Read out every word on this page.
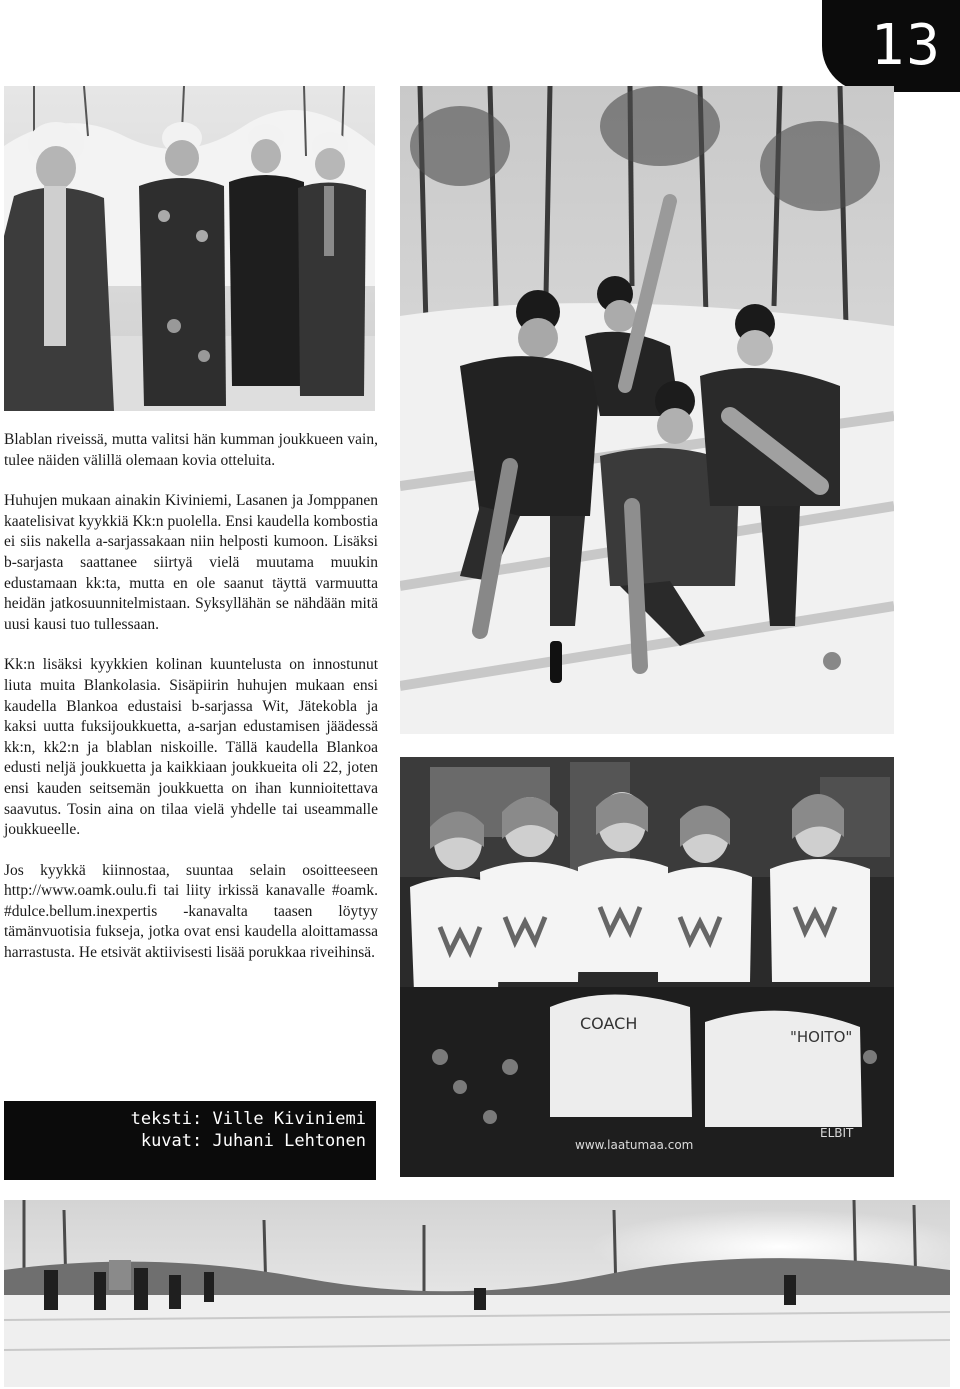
13
COACH
"HOITO"
www.laatumaa.com
ELBIT

Blablan riveissä, mutta valitsi hän kumman joukkueen vain, tulee näiden välillä olemaan kovia otteluita.

Huhujen mukaan ainakin Kiviniemi, Lasanen ja Jomppanen kaatelisivat kyykkiä Kk:n puolella. Ensi kaudella kombostia ei siis nakella a-sarjassakaan niin helposti kumoon. Lisäksi b-sarjasta saattanee siirtyä vielä muutama muukin edustamaan kk:ta, mutta en ole saanut täyttä varmuutta heidän jatkosuunnitelmistaan. Syksyllähän se nähdään mitä uusi kausi tuo tullessaan.

Kk:n lisäksi kyykkien kolinan kuuntelusta on innostunut liuta muita Blankolasia. Sisäpiirin huhujen mukaan ensi kaudella Blankoa edustaisi b-sarjassa Wit, Jätekobla ja kaksi uutta fuksijoukkuetta, a-sarjan edustamisen jäädessä kk:n, kk2:n ja blablan niskoille. Tällä kaudella Blankoa edusti neljä joukkuetta ja kaikkiaan joukkueita oli 22, joten ensi kauden seitsemän joukkuetta on ihan kunnioitettava saavutus. Tosin aina on tilaa vielä yhdelle tai useammalle joukkueelle.

Jos kyykkä kiinnostaa, suuntaa selain osoitteeseen http://www.oamk.oulu.fi tai liity irkissä kanavalle #oamk. #dulce.bellum.inexpertis -kanavalta taasen löytyy tämänvuotisia fukseja, jotka ovat ensi kaudella aloittamassa harrastusta. He etsivät aktiivisesti lisää porukkaa riveihinsä.

teksti: Ville Kiviniemi
kuvat: Juhani Lehtonen
